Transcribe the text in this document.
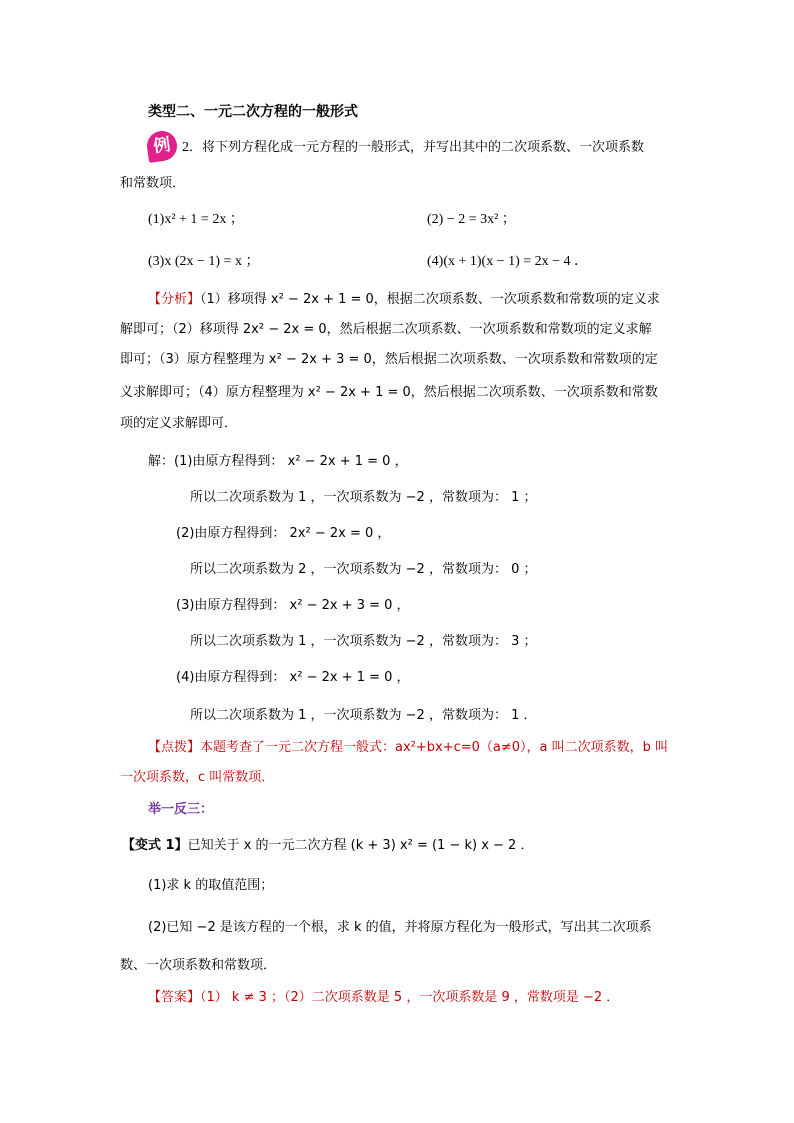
类型二、一元二次方程的一般形式
例 2．将下列方程化成一元方程的一般形式，并写出其中的二次项系数、一次项系数
和常数项．
(1)x² + 1 = 2x ；	(2) − 2 = 3x² ；
(3)x (2x − 1) = x ；	(4)(x + 1)(x − 1) = 2x − 4 ．
【分析】（1）移项得 x² − 2x + 1 = 0，根据二次项系数、一次项系数和常数项的定义求
解即可；（2）移项得 2x² − 2x = 0，然后根据二次项系数、一次项系数和常数项的定义求解
即可；（3）原方程整理为 x² − 2x + 3 = 0，然后根据二次项系数、一次项系数和常数项的定
义求解即可；（4）原方程整理为 x² − 2x + 1 = 0，然后根据二次项系数、一次项系数和常数
项的定义求解即可．
解：(1)由原方程得到： x² − 2x + 1 = 0 ，
所以二次项系数为 1 ，一次项系数为 −2 ，常数项为： 1 ；
(2)由原方程得到： 2x² − 2x = 0 ，
所以二次项系数为 2 ，一次项系数为 −2 ，常数项为： 0 ；
(3)由原方程得到： x² − 2x + 3 = 0 ，
所以二次项系数为 1 ，一次项系数为 −2 ，常数项为： 3 ；
(4)由原方程得到： x² − 2x + 1 = 0 ，
所以二次项系数为 1 ，一次项系数为 −2 ，常数项为： 1 ．
【点拨】本题考查了一元二次方程一般式：ax²+bx+c=0（a≠0），a 叫二次项系数，b 叫
一次项系数，c 叫常数项．
举一反三：
【变式 1】已知关于 x 的一元二次方程 (k + 3) x² = (1 − k) x − 2 ．
(1)求 k 的取值范围；
(2)已知 −2 是该方程的一个根，求 k 的值，并将原方程化为一般形式，写出其二次项系
数、一次项系数和常数项．
【答案】（1） k ≠ 3 ；（2）二次项系数是 5 ，一次项系数是 9 ，常数项是 −2 ．
